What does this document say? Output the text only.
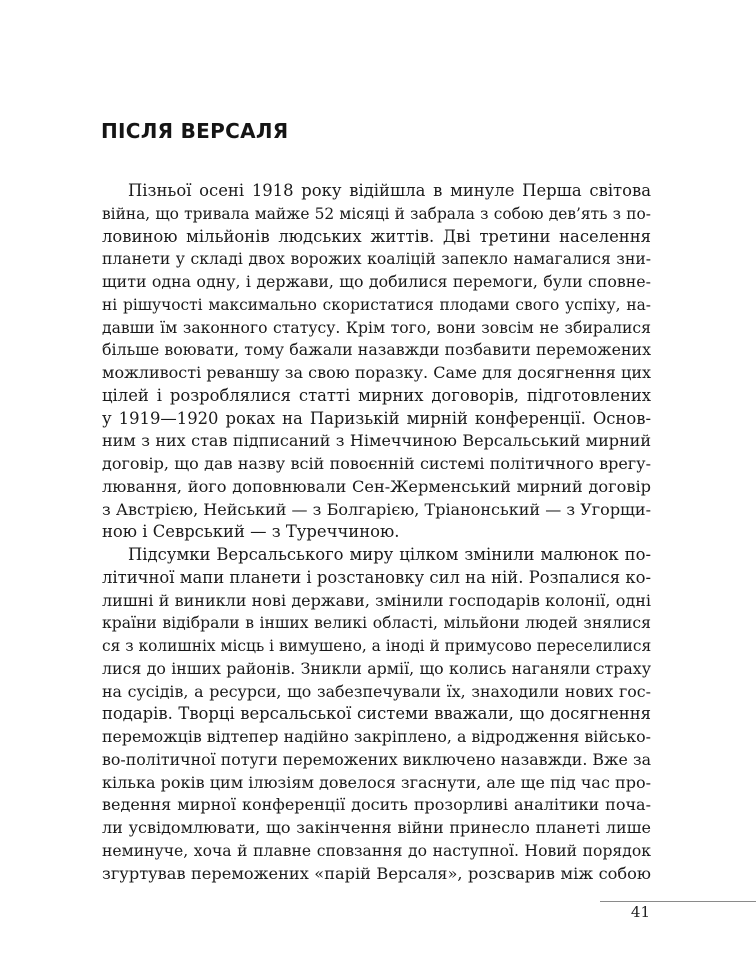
ПІСЛЯ ВЕРСАЛЯ
Пізньої осені 1918 року відійшла в минуле Перша світова
війна, що тривала майже 52 місяці й забрала з собою дев’ять з по-
ловиною мільйонів людських життів. Дві третини населення
планети у складі двох ворожих коаліцій запекло намагалися зни-
щити одна одну, і держави, що добилися перемоги, були сповне-
ні рішучості максимально скористатися плодами свого успіху, на-
давши їм законного статусу. Крім того, вони зовсім не збиралися
більше воювати, тому бажали назавжди позбавити переможених
можливості реваншу за свою поразку. Саме для досягнення цих
цілей і розроблялися статті мирних договорів, підготовлених
у 1919—1920 роках на Паризькій мирній конференції. Основ-
ним з них став підписаний з Німеччиною Версальський мирний
договір, що дав назву всій повоєнній системі політичного врегу-
лювання, його доповнювали Сен-Жерменський мирний договір
з Австрією, Нейський — з Болгарією, Тріанонський — з Угорщи-
ною і Севрський — з Туреччиною.
Підсумки Версальського миру цілком змінили малюнок по-
літичної мапи планети і розстановку сил на ній. Розпалися ко-
лишні й виникли нові держави, змінили господарів колонії, одні
країни відібрали в інших великі області, мільйони людей знялися
ся з колишніх місць і вимушено, а іноді й примусово переселилися
лися до інших районів. Зникли армії, що колись наганяли страху
на сусідів, а ресурси, що забезпечували їх, знаходили нових гос-
подарів. Творці версальської системи вважали, що досягнення
переможців відтепер надійно закріплено, а відродження військо-
во-політичної потуги переможених виключено назавжди. Вже за
кілька років цим ілюзіям довелося згаснути, але ще під час про-
ведення мирної конференції досить прозорливі аналітики поча-
ли усвідомлювати, що закінчення війни принесло планеті лише
неминуче, хоча й плавне сповзання до наступної. Новий порядок
згуртував переможених «парій Версаля», розсварив між собою
41
